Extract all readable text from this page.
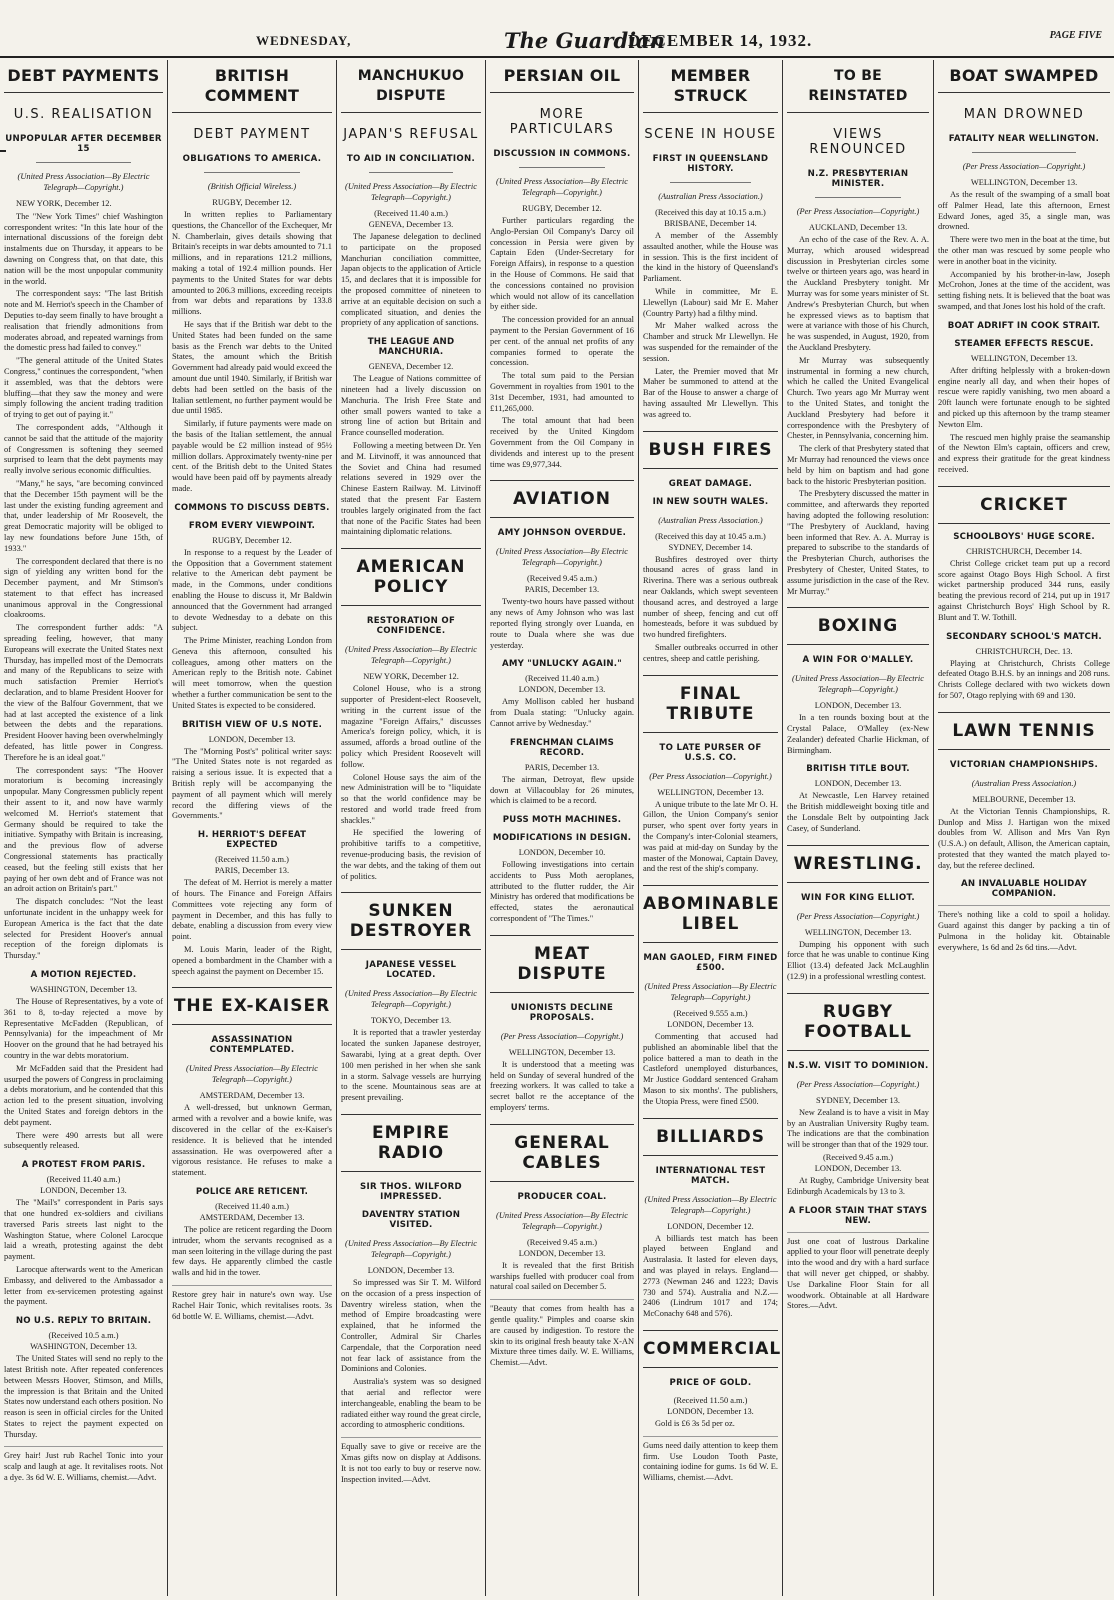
WEDNESDAY,	The Guardian
DECEMBER 14, 1932.	PAGE FIVE
DEBT PAYMENTS
U.S. REALISATION
UNPOPULAR AFTER DECEMBER 15
(United Press Association—By Electric Telegraph—Copyright.)

NEW YORK, December 12.

The "New York Times" chief Washington correspondent writes: "In this late hour of the international discussions of the foreign debt instalments due on Thursday, it appears to be dawning on Congress that, on that date, this nation will be the most unpopular community in the world.

The correspondent says: "The last British note and M. Herriot's speech in the Chamber of Deputies to-day seem finally to have brought a realisation that friendly admonitions from moderates abroad, and repeated warnings from the domestic press had failed to convey."

"The general attitude of the United States Congress," continues the correspondent, "when it assembled, was that the debtors were bluffing—that they saw the money and were simply following the ancient trading tradition of trying to get out of paying it."

The correspondent adds, "Although it cannot be said that the attitude of the majority of Congressmen is softening they seemed surprised to learn that the debt payments may really involve serious economic difficulties.

"Many," he says, "are becoming convinced that the December 15th payment will be the last under the existing funding agreement and that, under leadership of Mr Roosevelt, the great Democratic majority will be obliged to lay new foundations before June 15th, of 1933."

The correspondent declared that there is no sign of yielding any written bond for the December payment, and Mr Stimson's statement to that effect has increased unanimous approval in the Congressional cloakrooms.

The correspondent further adds: "A spreading feeling, however, that many Europeans will execrate the United States next Thursday, has impelled most of the Democrats and many of the Republicans to seize with much satisfaction Premier Herriot's declaration, and to blame President Hoover for the view of the Balfour Government, that we had at last accepted the existence of a link between the debts and the reparations. President Hoover having been overwhelmingly defeated, has little power in Congress. Therefore he is an ideal goat."

The correspondent says: "The Hoover moratorium is becoming increasingly unpopular. Many Congressmen publicly repent their assent to it, and now have warmly welcomed M. Herriot's statement that Germany should be required to take the initiative. Sympathy with Britain is increasing, and the previous flow of adverse Congressional statements has practically ceased, but the feeling still exists that her paying of her own debt and of France was not an adroit action on Britain's part."

The dispatch concludes: "Not the least unfortunate incident in the unhappy week for European America is the fact that the date selected for President Hoover's annual reception of the foreign diplomats is Thursday."

A MOTION REJECTED.
WASHINGTON, December 13.

The House of Representatives, by a vote of 361 to 8, to-day rejected a move by Representative McFadden (Republican, of Pennsylvania) for the impeachment of Mr Hoover on the ground that he had betrayed his country in the war debts moratorium.

Mr McFadden said that the President had usurped the powers of Congress in proclaiming a debts moratorium, and he contended that this action led to the present situation, involving the United States and foreign debtors in the debt payment.

There were 490 arrests but all were subsequently released.

A PROTEST FROM PARIS.
(Received 11.40 a.m.)
LONDON, December 13.

The "Mail's" correspondent in Paris says that one hundred ex-soldiers and civilians traversed Paris streets last night to the Washington Statue, where Colonel Larocque laid a wreath, protesting against the debt payment.

Larocque afterwards went to the American Embassy, and delivered to the Ambassador a letter from ex-servicemen protesting against the payment.

NO U.S. REPLY TO BRITAIN.
(Received 10.5 a.m.)
WASHINGTON, December 13.

The United States will send no reply to the latest British note. After repeated conferences between Messrs Hoover, Stimson, and Mills, the impression is that Britain and the United States now understand each others position. No reason is seen in official circles for the United States to reject the payment expected on Thursday.

Grey hair! Just rub Rachel Tonic into your scalp and laugh at age. It revitalises roots. Not a dye. 3s 6d W. E. Williams, chemist.—Advt.
BRITISH COMMENT
DEBT PAYMENT
OBLIGATIONS TO AMERICA.
(British Official Wireless.)
RUGBY, December 12.

In written replies to Parliamentary questions, the Chancellor of the Exchequer, Mr N. Chamberlain, gives details showing that Britain's receipts in war debts amounted to 71.1 millions, and in reparations 121.2 millions, making a total of 192.4 million pounds. Her payments to the United States for war debts amounted to 206.3 millions, exceeding receipts from war debts and reparations by 133.8 millions.

He says that if the British war debt to the United States had been funded on the same basis as the French war debts to the United States, the amount which the British Government had already paid would exceed the amount due until 1940. Similarly, if British war debts had been settled on the basis of the Italian settlement, no further payment would be due until 1985.

Similarly, if future payments were made on the basis of the Italian settlement, the annual payable would be £2 million instead of 95½ million dollars. Approximately twenty-nine per cent. of the British debt to the United States would have been paid off by payments already made.

COMMONS TO DISCUSS DEBTS.
FROM EVERY VIEWPOINT.
RUGBY, December 12.

In response to a request by the Leader of the Opposition that a Government statement relative to the American debt payment be made, in the Commons, under conditions enabling the House to discuss it, Mr Baldwin announced that the Government had arranged to devote Wednesday to a debate on this subject.

The Prime Minister, reaching London from Geneva this afternoon, consulted his colleagues, among other matters on the American reply to the British note. Cabinet will meet tomorrow, when the question whether a further communication be sent to the United States is expected to be considered.

BRITISH VIEW OF U.S NOTE.
LONDON, December 13.

The "Morning Post's" political writer says: "The United States note is not regarded as raising a serious issue. It is expected that a British reply will be accompanying the payment of all payment which will merely record the differing views of the Governments."

H. HERRIOT'S DEFEAT EXPECTED
(Received 11.50 a.m.)
PARIS, December 13.

The defeat of M. Herriot is merely a matter of hours. The Finance and Foreign Affairs Committees vote rejecting any form of payment in December, and this has fully to debate, enabling a discussion from every view point.

M. Louis Marin, leader of the Right, opened a bombardment in the Chamber with a speech against the payment on December 15.

THE EX-KAISER
ASSASSINATION CONTEMPLATED.
(United Press Association—By Electric Telegraph—Copyright.)
AMSTERDAM, December 13.

A well-dressed, but unknown German, armed with a revolver and a bowie knife, was discovered in the cellar of the ex-Kaiser's residence. It is believed that he intended assassination. He was overpowered after a vigorous resistance. He refuses to make a statement.

POLICE ARE RETICENT.
(Received 11.40 a.m.)
AMSTERDAM, December 13.

The police are reticent regarding the Doorn intruder, whom the servants recognised as a man seen loitering in the village during the past few days. He apparently climbed the castle walls and hid in the tower.

Restore grey hair in nature's own way. Use Rachel Hair Tonic, which revitalises roots. 3s 6d bottle W. E. Williams, chemist.—Advt.
MANCHUKUO DISPUTE
JAPAN'S REFUSAL
TO AID IN CONCILIATION.
(United Press Association—By Electric Telegraph—Copyright.)
(Received 11.40 a.m.)
GENEVA, December 13.

The Japanese delegation to declined to participate on the proposed Manchurian conciliation committee, Japan objects to the application of Article 15, and declares that it is impossible for the proposed committee of nineteen to arrive at an equitable decision on such a complicated situation, and denies the propriety of any application of sanctions.

THE LEAGUE AND MANCHURIA.
GENEVA, December 12.

The League of Nations committee of nineteen had a lively discussion on Manchuria. The Irish Free State and other small powers wanted to take a strong line of action but Britain and France counselled moderation.

Following a meeting between Dr. Yen and M. Litvinoff, it was announced that the Soviet and China had resumed relations severed in 1929 over the Chinese Eastern Railway. M. Litvinoff stated that the present Far Eastern troubles largely originated from the fact that none of the Pacific States had been maintaining diplomatic relations.

AMERICAN POLICY
RESTORATION OF CONFIDENCE.
(United Press Association—By Electric Telegraph—Copyright.)
NEW YORK, December 12.

Colonel House, who is a strong supporter of President-elect Roosevelt, writing in the current issue of the magazine "Foreign Affairs," discusses America's foreign policy, which, it is assumed, affords a broad outline of the policy which President Roosevelt will follow.

Colonel House says the aim of the new Administration will be to "liquidate so that the world confidence may be restored and world trade freed from shackles."

He specified the lowering of prohibitive tariffs to a competitive, revenue-producing basis, the revision of the war debts, and the taking of them out of politics.

SUNKEN DESTROYER
JAPANESE VESSEL LOCATED.
(United Press Association—By Electric Telegraph—Copyright.)
TOKYO, December 13.

It is reported that a trawler yesterday located the sunken Japanese destroyer, Sawarabi, lying at a great depth. Over 100 men perished in her when she sank in a storm. Salvage vessels are hurrying to the scene. Mountainous seas are at present prevailing.

EMPIRE RADIO
SIR THOS. WILFORD IMPRESSED.
DAVENTRY STATION VISITED.
(United Press Association—By Electric Telegraph—Copyright.)
LONDON, December 13.

So impressed was Sir T. M. Wilford on the occasion of a press inspection of Daventry wireless station, when the method of Empire broadcasting were explained, that he informed the Controller, Admiral Sir Charles Carpendale, that the Corporation need not fear lack of assistance from the Dominions and Colonies.

Australia's system was so designed that aerial and reflector were interchangeable, enabling the beam to be radiated either way round the great circle, according to atmospheric conditions.

Equally save to give or receive are the Xmas gifts now on display at Addisons. It is not too early to buy or reserve now. Inspection invited.—Advt.
PERSIAN OIL
MORE PARTICULARS
DISCUSSION IN COMMONS.
(United Press Association—By Electric Telegraph—Copyright.)
RUGBY, December 12.

Further particulars regarding the Anglo-Persian Oil Company's Darcy oil concession in Persia were given by Captain Eden (Under-Secretary for Foreign Affairs), in response to a question in the House of Commons. He said that the concessions contained no provision which would not allow of its cancellation by either side.

The concession provided for an annual payment to the Persian Government of 16 per cent. of the annual net profits of any companies formed to operate the concession.

The total sum paid to the Persian Government in royalties from 1901 to the 31st December, 1931, had amounted to £11,265,000.

The total amount that had been received by the United Kingdom Government from the Oil Company in dividends and interest up to the present time was £9,977,344.

AVIATION
AMY JOHNSON OVERDUE.
(United Press Association—By Electric Telegraph—Copyright.)
(Received 9.45 a.m.)
PARIS, December 13.

Twenty-two hours have passed without any news of Amy Johnson who was last reported flying strongly over Luanda, en route to Duala where she was due yesterday.

AMY "UNLUCKY AGAIN."
(Received 11.40 a.m.)
LONDON, December 13.

Amy Mollison cabled her husband from Duala stating: "Unlucky again. Cannot arrive by Wednesday."

FRENCHMAN CLAIMS RECORD.
PARIS, December 13.

The airman, Detroyat, flew upside down at Villacoublay for 26 minutes, which is claimed to be a record.

PUSS MOTH MACHINES.
MODIFICATIONS IN DESIGN.
LONDON, December 10.

Following investigations into certain accidents to Puss Moth aeroplanes, attributed to the flutter rudder, the Air Ministry has ordered that modifications be effected, states the aeronautical correspondent of "The Times."

MEAT DISPUTE
UNIONISTS DECLINE PROPOSALS.
(Per Press Association—Copyright.)
WELLINGTON, December 13.

It is understood that a meeting was held on Sunday of several hundred of the freezing workers. It was called to take a secret ballot re the acceptance of the employers' terms.

GENERAL CABLES
PRODUCER COAL.
(United Press Association—By Electric Telegraph—Copyright.)
(Received 9.45 a.m.)
LONDON, December 13.

It is revealed that the first British warships fuelled with producer coal from natural coal sailed on December 5.

"Beauty that comes from health has a gentle quality." Pimples and coarse skin are caused by indigestion. To restore the skin to its original fresh beauty take X-AN Mixture three times daily. W. E. Williams, Chemist.—Advt.
MEMBER STRUCK
SCENE IN HOUSE
FIRST IN QUEENSLAND HISTORY.
(Australian Press Association.)
(Received this day at 10.15 a.m.)
BRISBANE, December 14.

A member of the Assembly assaulted another, while the House was in session. This is the first incident of the kind in the history of Queensland's Parliament.

While in committee, Mr E. Llewellyn (Labour) said Mr E. Maher (Country Party) had a filthy mind.

Mr Maher walked across the Chamber and struck Mr Llewellyn. He was suspended for the remainder of the session.

Later, the Premier moved that Mr Maher be summoned to attend at the Bar of the House to answer a charge of having assaulted Mr Llewellyn. This was agreed to.

BUSH FIRES
GREAT DAMAGE.
IN NEW SOUTH WALES.
(Australian Press Association.)
(Received this day at 10.45 a.m.)
SYDNEY, December 14.

Bushfires destroyed over thirty thousand acres of grass land in Riverina. There was a serious outbreak near Oaklands, which swept seventeen thousand acres, and destroyed a large number of sheep, fencing and cut off homesteads, before it was subdued by two hundred firefighters.

Smaller outbreaks occurred in other centres, sheep and cattle perishing.

FINAL TRIBUTE
TO LATE PURSER OF U.S.S. CO.
(Per Press Association—Copyright.)
WELLINGTON, December 13.

A unique tribute to the late Mr O. H. Gillon, the Union Company's senior purser, who spent over forty years in the Company's inter-Colonial steamers, was paid at mid-day on Sunday by the master of the Monowai, Captain Davey, and the rest of the ship's company.

ABOMINABLE LIBEL
MAN GAOLED, FIRM FINED £500.
(United Press Association—By Electric Telegraph—Copyright.)
(Received 9.555 a.m.)
LONDON, December 13.

Commenting that accused had published an abominable libel that the police battered a man to death in the Castleford unemployed disturbances, Mr Justice Goddard sentenced Graham Mason to six months'. The publishers, the Utopia Press, were fined £500.

BILLIARDS
INTERNATIONAL TEST MATCH.
(United Press Association—By Electric Telegraph—Copyright.)
LONDON, December 12.

A billiards test match has been played between England and Australasia. It lasted for eleven days, and was played in relays. England—2773 (Newman 246 and 1223; Davis 730 and 574). Australia and N.Z.—2406 (Lindrum 1017 and 174; McConachy 648 and 576).

COMMERCIAL
PRICE OF GOLD.
(Received 11.50 a.m.)
LONDON, December 13.

Gold is £6 3s 5d per oz.

Gums need daily attention to keep them firm. Use Loudon Tooth Paste, containing iodine for gums. 1s 6d W. E. Williams, chemist.—Advt.
TO BE REINSTATED
VIEWS RENOUNCED
N.Z. PRESBYTERIAN MINISTER.
(Per Press Association—Copyright.)
AUCKLAND, December 13.

An echo of the case of the Rev. A. A. Murray, which aroused widespread discussion in Presbyterian circles some twelve or thirteen years ago, was heard in the Auckland Presbytery tonight. Mr Murray was for some years minister of St. Andrew's Presbyterian Church, but when he expressed views as to baptism that were at variance with those of his Church, he was suspended, in August, 1920, from the Auckland Presbytery.

Mr Murray was subsequently instrumental in forming a new church, which he called the United Evangelical Church. Two years ago Mr Murray went to the United States, and tonight the Auckland Presbytery had before it correspondence with the Presbytery of Chester, in Pennsylvania, concerning him.

The clerk of that Presbytery stated that Mr Murray had renounced the views once held by him on baptism and had gone back to the historic Presbyterian position.

The Presbytery discussed the matter in committee, and afterwards they reported having adopted the following resolution: "The Presbytery of Auckland, having been informed that Rev. A. A. Murray is prepared to subscribe to the standards of the Presbyterian Church, authorises the Presbytery of Chester, United States, to assume jurisdiction in the case of the Rev. Mr Murray."

BOXING
A WIN FOR O'MALLEY.
(United Press Association—By Electric Telegraph—Copyright.)
LONDON, December 13.

In a ten rounds boxing bout at the Crystal Palace, O'Malley (ex-New Zealander) defeated Charlie Hickman, of Birmingham.

BRITISH TITLE BOUT.
LONDON, December 13.

At Newcastle, Len Harvey retained the British middleweight boxing title and the Lonsdale Belt by outpointing Jack Casey, of Sunderland.

WRESTLING.
WIN FOR KING ELLIOT.
(Per Press Association—Copyright.)
WELLINGTON, December 13.

Dumping his opponent with such force that he was unable to continue King Elliot (13.4) defeated Jack McLaughlin (12.9) in a professional wrestling contest.

RUGBY FOOTBALL
N.S.W. VISIT TO DOMINION.
(Per Press Association—Copyright.)
SYDNEY, December 13.

New Zealand is to have a visit in May by an Australian University Rugby team. The indications are that the combination will be stronger than that of the 1929 tour.

(Received 9.45 a.m.)
LONDON, December 13.

At Rugby, Cambridge University beat Edinburgh Academicals by 13 to 3.

A FLOOR STAIN THAT STAYS NEW.
Just one coat of lustrous Darkaline applied to your floor will penetrate deeply into the wood and dry with a hard surface that will never get chipped, or shabby. Use Darkaline Floor Stain for all woodwork. Obtainable at all Hardware Stores.—Advt.
BOAT SWAMPED
MAN DROWNED
FATALITY NEAR WELLINGTON.
(Per Press Association—Copyright.)
WELLINGTON, December 13.

As the result of the swamping of a small boat off Palmer Head, late this afternoon, Ernest Edward Jones, aged 35, a single man, was drowned.

There were two men in the boat at the time, but the other man was rescued by some people who were in another boat in the vicinity.

Accompanied by his brother-in-law, Joseph McCrohon, Jones at the time of the accident, was setting fishing nets. It is believed that the boat was swamped, and that Jones lost his hold of the craft.

BOAT ADRIFT IN COOK STRAIT.
STEAMER EFFECTS RESCUE.
WELLINGTON, December 13.

After drifting helplessly with a broken-down engine nearly all day, and when their hopes of rescue were rapidly vanishing, two men aboard a 20ft launch were fortunate enough to be sighted and picked up this afternoon by the tramp steamer Newton Elm.

The rescued men highly praise the seamanship of the Newton Elm's captain, officers and crew, and express their gratitude for the great kindness received.

CRICKET
SCHOOLBOYS' HUGE SCORE.
CHRISTCHURCH, December 14.

Christ College cricket team put up a record score against Otago Boys High School. A first wicket partnership produced 344 runs, easily beating the previous record of 214, put up in 1917 against Christchurch Boys' High School by R. Blunt and T. W. Tothill.

SECONDARY SCHOOL'S MATCH.
CHRISTCHURCH, Dec. 13.

Playing at Christchurch, Christs College defeated Otago B.H.S. by an innings and 208 runs. Christs College declared with two wickets down for 507, Otago replying with 69 and 130.

LAWN TENNIS
VICTORIAN CHAMPIONSHIPS.
(Australian Press Association.)
MELBOURNE, December 13.

At the Victorian Tennis Championships, R. Dunlop and Miss J. Hartigan won the mixed doubles from W. Allison and Mrs Van Ryn (U.S.A.) on default, Allison, the American captain, protested that they wanted the match played to-day, but the referee declined.

AN INVALUABLE HOLIDAY COMPANION.
There's nothing like a cold to spoil a holiday. Guard against this danger by packing a tin of Pulmona in the holiday kit. Obtainable everywhere, 1s 6d and 2s 6d tins.—Advt.
